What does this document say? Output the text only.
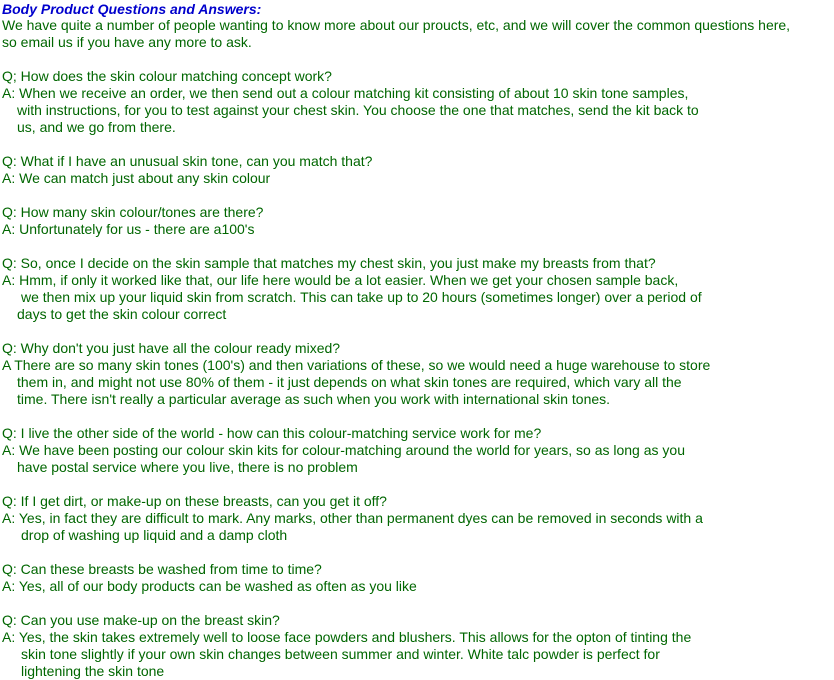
Body Product Questions and Answers:

We have quite a number of people wanting to know more about our proucts, etc, and we will cover the common questions here,

so email us if you have any more to ask.

Q; How does the skin colour matching concept work?

A: When we receive an order, we then send out a colour matching kit consisting of about 10 skin tone samples,

with instructions, for you to test against your chest skin. You choose the one that matches, send the kit back to

us, and we go from there.

Q: What if I have an unusual skin tone, can you match that?

A: We can match just about any skin colour

Q: How many skin colour/tones are there?

A: Unfortunately for us - there are a100's

Q: So, once I decide on the skin sample that matches my chest skin, you just make my breasts from that?

A: Hmm, if only it worked like that, our life here would be a lot easier. When we get your chosen sample back,

we then mix up your liquid skin from scratch. This can take up to 20 hours (sometimes longer) over a period of

days to get the skin colour correct

Q: Why don't you just have all the colour ready mixed?

A There are so many skin tones (100's) and then variations of these, so we would need a huge warehouse to store

them in, and might not use 80% of them - it just depends on what skin tones are required, which vary all the

time. There isn't really a particular average as such when you work with international skin tones.

Q: I live the other side of the world - how can this colour-matching service work for me?

A: We have been posting our colour skin kits for colour-matching around the world for years, so as long as you

have postal service where you live, there is no problem

Q: If I get dirt, or make-up on these breasts, can you get it off?

A: Yes, in fact they are difficult to mark. Any marks, other than permanent dyes can be removed in seconds with a

drop of washing up liquid and a damp cloth

Q: Can these breasts be washed from time to time?

A: Yes, all of our body products can be washed as often as you like

Q: Can you use make-up on the breast skin?

A: Yes, the skin takes extremely well to loose face powders and blushers. This allows for the opton of tinting the

skin tone slightly if your own skin changes between summer and winter. White talc powder is perfect for

lightening the skin tone
